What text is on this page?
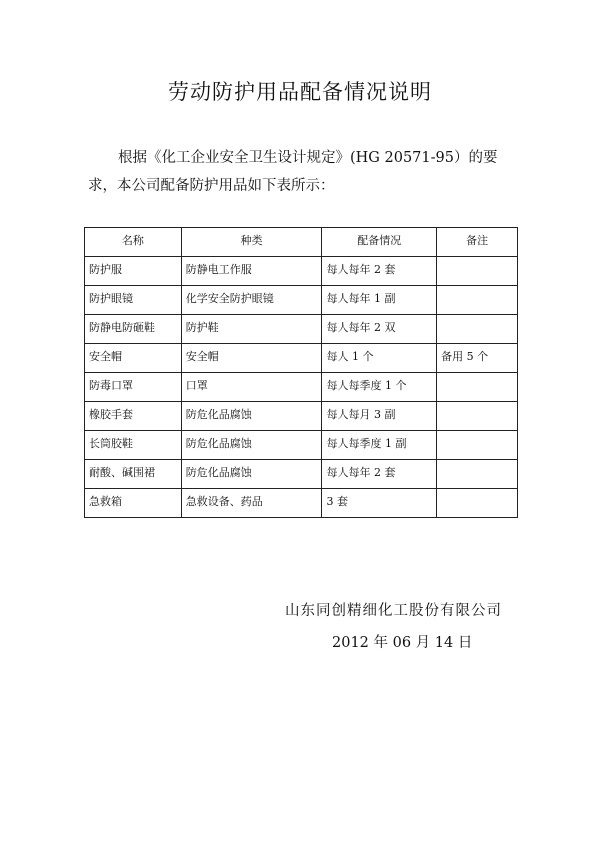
劳动防护用品配备情况说明
根据《化工企业安全卫生设计规定》(HG 20571-95）的要求，本公司配备防护用品如下表所示：
名称	种类	配备情况	备注
防护服	防静电工作服	每人每年 2 套	
防护眼镜	化学安全防护眼镜	每人每年 1 副	
防静电防砸鞋	防护鞋	每人每年 2 双	
安全帽	安全帽	每人 1 个	备用 5 个
防毒口罩	口罩	每人每季度 1 个	
橡胶手套	防危化品腐蚀	每人每月 3 副	
长筒胶鞋	防危化品腐蚀	每人每季度 1 副	
耐酸、碱围裙	防危化品腐蚀	每人每年 2 套	
急救箱	急救设备、药品	3 套	
山东同创精细化工股份有限公司
2012 年 06 月 14 日
